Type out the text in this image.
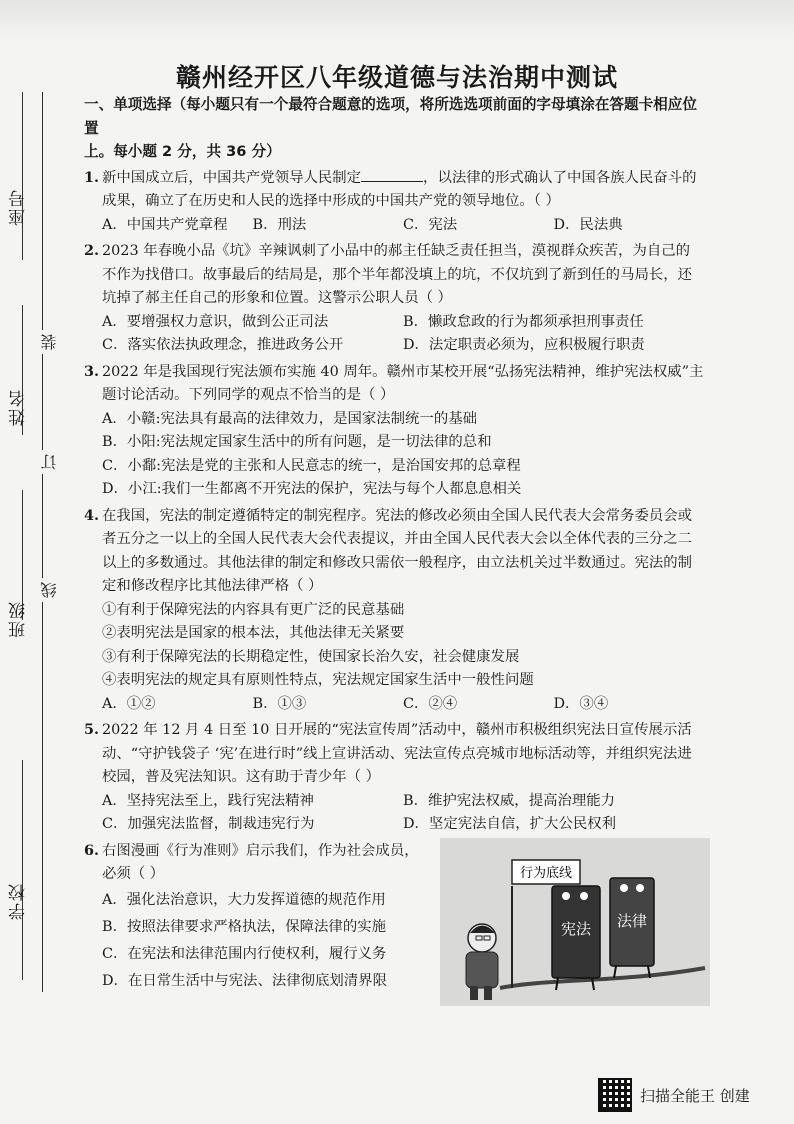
座号
姓名
班级
学校
装
订
线
赣州经开区八年级道德与法治期中测试
一、单项选择（每小题只有一个最符合题意的选项，将所选选项前面的字母填涂在答题卡相应位置
上。每小题 2 分，共 36 分）
1. 新中国成立后，中国共产党领导人民制定	，以法律的形式确认了中国各族人民奋斗的成果，确立了在历史和人民的选择中形成的中国共产党的领导地位。（ ）
A．中国共产党章程	B．刑法	C．宪法	D．民法典
2. 2023 年春晚小品《坑》辛辣讽刺了小品中的郝主任缺乏责任担当，漠视群众疾苦，为自己的不作为找借口。故事最后的结局是，那个半年都没填上的坑，不仅坑到了新到任的马局长，还坑掉了郝主任自己的形象和位置。这警示公职人员（ ）
A．要增强权力意识，做到公正司法	B．懒政怠政的行为都须承担刑事责任
C．落实依法执政理念，推进政务公开	D．法定职责必须为，应积极履行职责
3. 2022 年是我国现行宪法颁布实施 40 周年。赣州市某校开展“弘扬宪法精神，维护宪法权威”主题讨论活动。下列同学的观点不恰当的是（ ）
A．小赣:宪法具有最高的法律效力，是国家法制统一的基础
B．小阳:宪法规定国家生活中的所有问题，是一切法律的总和
C．小鄱:宪法是党的主张和人民意志的统一，是治国安邦的总章程
D．小江:我们一生都离不开宪法的保护，宪法与每个人都息息相关
4. 在我国，宪法的制定遵循特定的制宪程序。宪法的修改必须由全国人民代表大会常务委员会或者五分之一以上的全国人民代表大会代表提议，并由全国人民代表大会以全体代表的三分之二以上的多数通过。其他法律的制定和修改只需依一般程序，由立法机关过半数通过。宪法的制定和修改程序比其他法律严格（ ）
①有利于保障宪法的内容具有更广泛的民意基础
②表明宪法是国家的根本法，其他法律无关紧要
③有利于保障宪法的长期稳定性，使国家长治久安，社会健康发展
④表明宪法的规定具有原则性特点，宪法规定国家生活中一般性问题
A．①②	B．①③	C．②④	D．③④
5. 2022 年 12 月 4 日至 10 日开展的“宪法宣传周”活动中，赣州市积极组织宪法日宣传展示活动、“守护钱袋子 ‘宪’在进行时”线上宣讲活动、宪法宣传点亮城市地标活动等，并组织宪法进校园，普及宪法知识。这有助于青少年（ ）
A．坚持宪法至上，践行宪法精神	B．维护宪法权威，提高治理能力
C．加强宪法监督，制裁违宪行为	D．坚定宪法自信，扩大公民权利
6. 右图漫画《行为准则》启示我们，作为社会成员，
必须（ ）
A．强化法治意识，大力发挥道德的规范作用
B．按照法律要求严格执法，保障法律的实施
C．在宪法和法律范围内行使权利，履行义务
D．在日常生活中与宪法、法律彻底划清界限
行为底线
宪法 法律
扫描全能王 创建
